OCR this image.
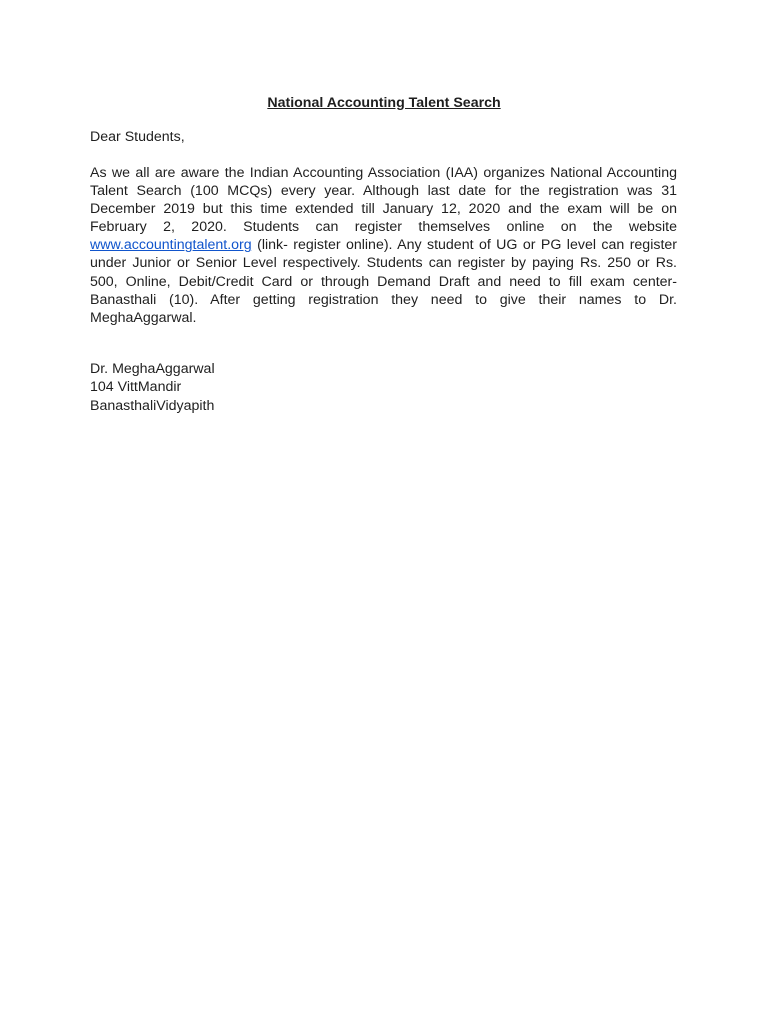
National Accounting Talent Search
Dear Students,
As we all are aware the Indian Accounting Association (IAA) organizes National Accounting Talent Search (100 MCQs) every year. Although last date for the registration was 31 December 2019 but this time extended till January 12, 2020 and the exam will be on February 2, 2020. Students can register themselves online on the website www.accountingtalent.org (link- register online). Any student of UG or PG level can register under Junior or Senior Level respectively. Students can register by paying Rs. 250 or Rs. 500, Online, Debit/Credit Card or through Demand Draft and need to fill exam center- Banasthali (10). After getting registration they need to give their names to Dr. MeghaAggarwal.
Dr. MeghaAggarwal
104 VittMandir
BanasthaliVidyapith
